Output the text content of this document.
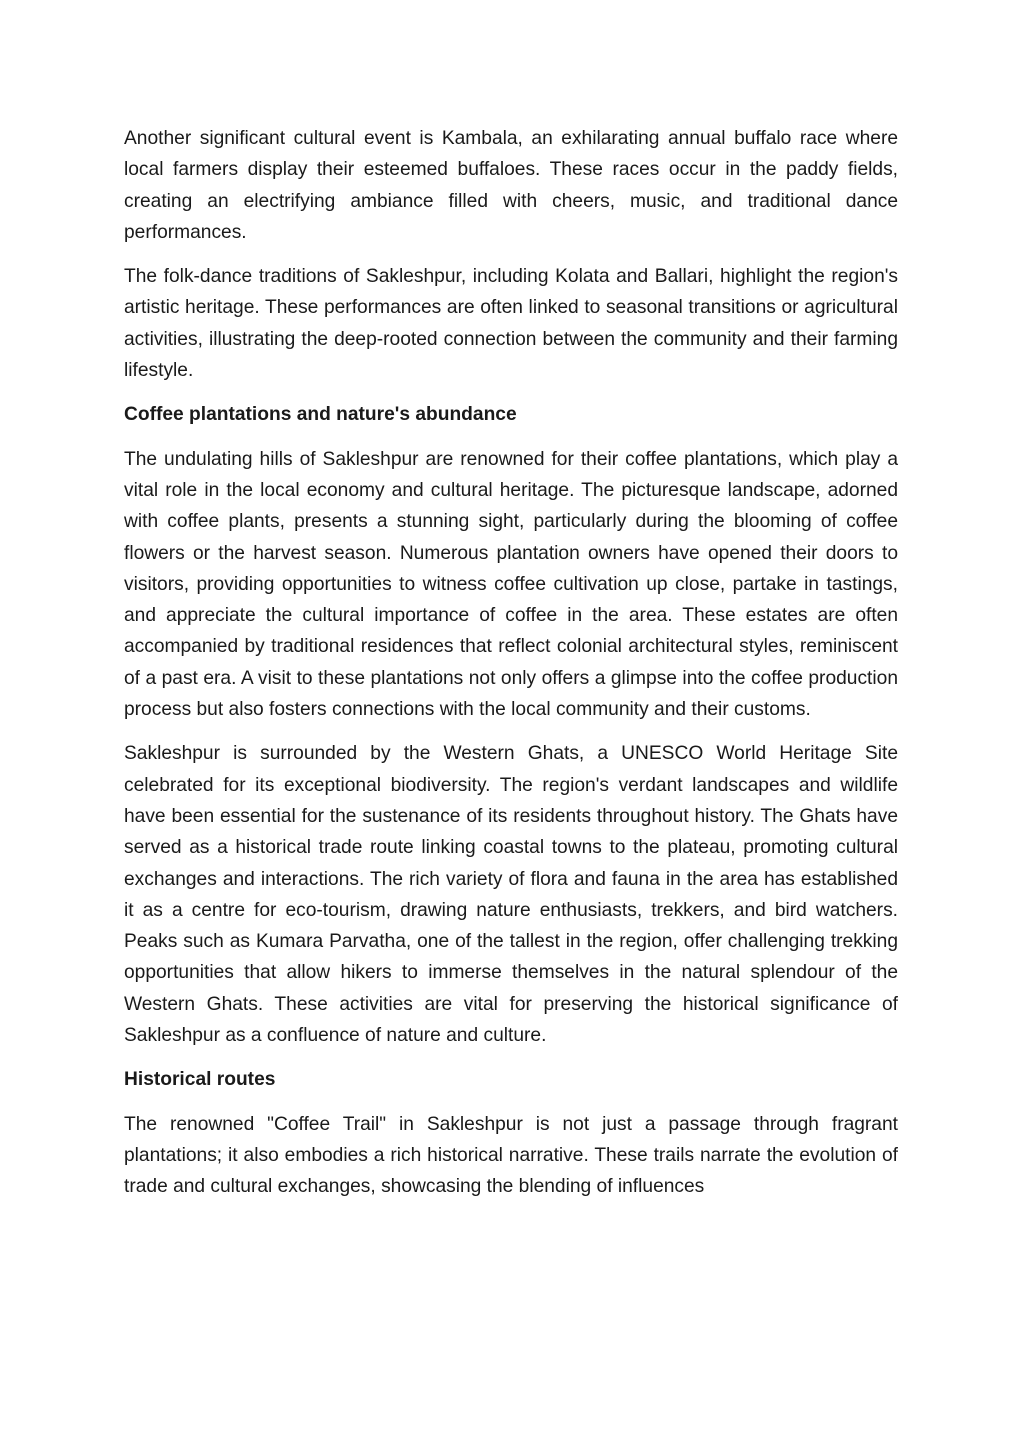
Another significant cultural event is Kambala, an exhilarating annual buffalo race where local farmers display their esteemed buffaloes. These races occur in the paddy fields, creating an electrifying ambiance filled with cheers, music, and traditional dance performances.

The folk-dance traditions of Sakleshpur, including Kolata and Ballari, highlight the region's artistic heritage. These performances are often linked to seasonal transitions or agricultural activities, illustrating the deep-rooted connection between the community and their farming lifestyle.

Coffee plantations and nature's abundance

The undulating hills of Sakleshpur are renowned for their coffee plantations, which play a vital role in the local economy and cultural heritage. The picturesque landscape, adorned with coffee plants, presents a stunning sight, particularly during the blooming of coffee flowers or the harvest season. Numerous plantation owners have opened their doors to visitors, providing opportunities to witness coffee cultivation up close, partake in tastings, and appreciate the cultural importance of coffee in the area. These estates are often accompanied by traditional residences that reflect colonial architectural styles, reminiscent of a past era. A visit to these plantations not only offers a glimpse into the coffee production process but also fosters connections with the local community and their customs.

Sakleshpur is surrounded by the Western Ghats, a UNESCO World Heritage Site celebrated for its exceptional biodiversity. The region's verdant landscapes and wildlife have been essential for the sustenance of its residents throughout history. The Ghats have served as a historical trade route linking coastal towns to the plateau, promoting cultural exchanges and interactions. The rich variety of flora and fauna in the area has established it as a centre for eco-tourism, drawing nature enthusiasts, trekkers, and bird watchers. Peaks such as Kumara Parvatha, one of the tallest in the region, offer challenging trekking opportunities that allow hikers to immerse themselves in the natural splendour of the Western Ghats. These activities are vital for preserving the historical significance of Sakleshpur as a confluence of nature and culture.

Historical routes

The renowned "Coffee Trail" in Sakleshpur is not just a passage through fragrant plantations; it also embodies a rich historical narrative. These trails narrate the evolution of trade and cultural exchanges, showcasing the blending of influences
